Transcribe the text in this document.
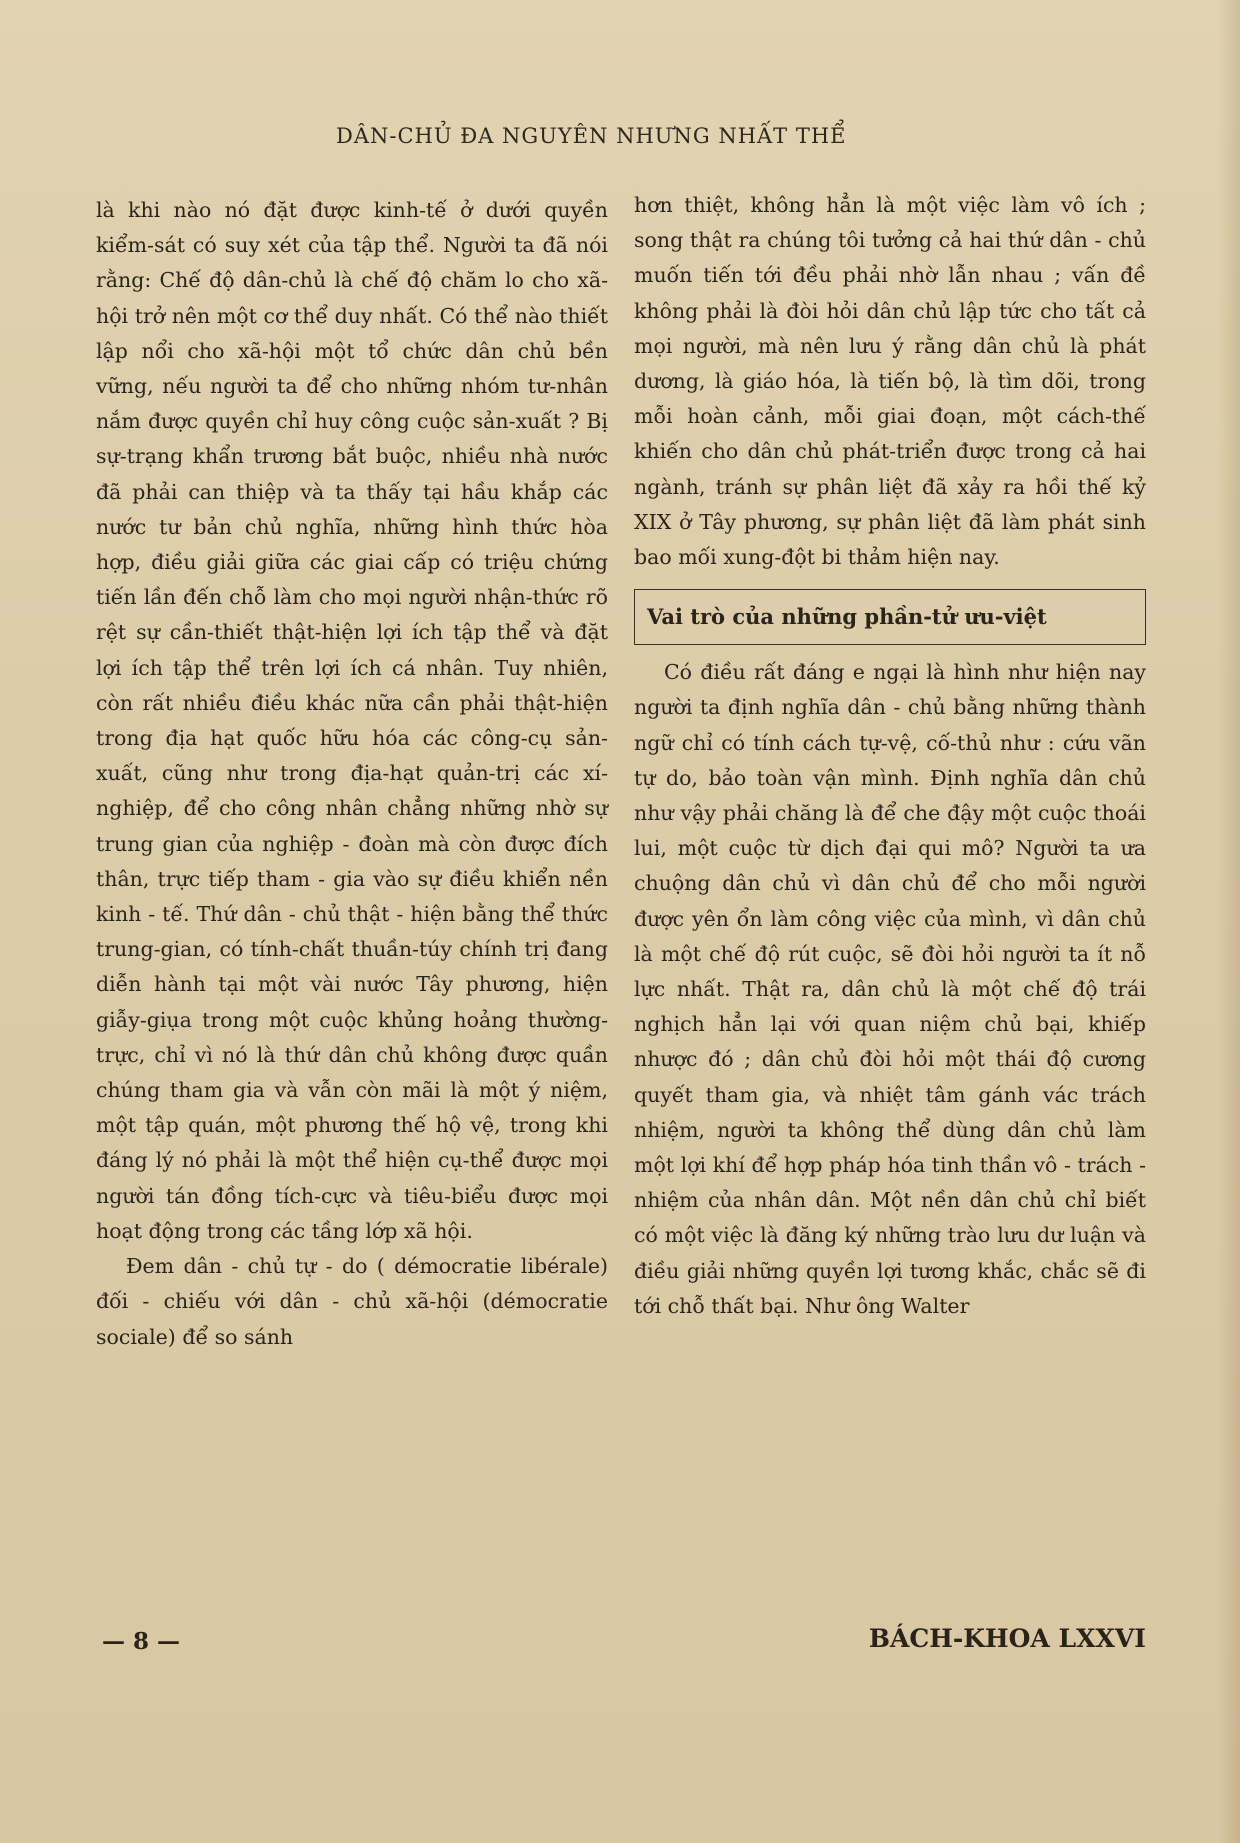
DÂN-CHỦ ĐA NGUYÊN NHƯNG NHẤT THỂ

là khi nào nó đặt được kinh-tế ở dưới quyền kiểm-sát có suy xét của tập thể. Người ta đã nói rằng: Chế độ dân-chủ là chế độ chăm lo cho xã-hội trở nên một cơ thể duy nhất. Có thể nào thiết lập nổi cho xã-hội một tổ chức dân chủ bền vững, nếu người ta để cho những nhóm tư-nhân nắm được quyền chỉ huy công cuộc sản-xuất ? Bị sự-trạng khẩn trương bắt buộc, nhiều nhà nước đã phải can thiệp và ta thấy tại hầu khắp các nước tư bản chủ nghĩa, những hình thức hòa hợp, điều giải giữa các giai cấp có triệu chứng tiến lần đến chỗ làm cho mọi người nhận-thức rõ rệt sự cần-thiết thật-hiện lợi ích tập thể và đặt lợi ích tập thể trên lợi ích cá nhân. Tuy nhiên, còn rất nhiều điều khác nữa cần phải thật-hiện trong địa hạt quốc hữu hóa các công-cụ sản-xuất, cũng như trong địa-hạt quản-trị các xí-nghiệp, để cho công nhân chẳng những nhờ sự trung gian của nghiệp - đoàn mà còn được đích thân, trực tiếp tham - gia vào sự điều khiển nền kinh - tế. Thứ dân - chủ thật - hiện bằng thể thức trung-gian, có tính-chất thuần-túy chính trị đang diễn hành tại một vài nước Tây phương, hiện giẫy-giụa trong một cuộc khủng hoảng thường-trực, chỉ vì nó là thứ dân chủ không được quần chúng tham gia và vẫn còn mãi là một ý niệm, một tập quán, một phương thế hộ vệ, trong khi đáng lý nó phải là một thể hiện cụ-thể được mọi người tán đồng tích-cực và tiêu-biểu được mọi hoạt động trong các tầng lớp xã hội.

Đem dân - chủ tự - do ( démocratie libérale) đối - chiếu với dân - chủ xã-hội (démocratie sociale) để so sánh

hơn thiệt, không hẳn là một việc làm vô ích ; song thật ra chúng tôi tưởng cả hai thứ dân - chủ muốn tiến tới đều phải nhờ lẫn nhau ; vấn đề không phải là đòi hỏi dân chủ lập tức cho tất cả mọi người, mà nên lưu ý rằng dân chủ là phát dương, là giáo hóa, là tiến bộ, là tìm dõi, trong mỗi hoàn cảnh, mỗi giai đoạn, một cách-thế khiến cho dân chủ phát-triển được trong cả hai ngành, tránh sự phân liệt đã xảy ra hồi thế kỷ XIX ở Tây phương, sự phân liệt đã làm phát sinh bao mối xung-đột bi thảm hiện nay.

Vai trò của những phần-tử ưu-việt

Có điều rất đáng e ngại là hình như hiện nay người ta định nghĩa dân - chủ bằng những thành ngữ chỉ có tính cách tự-vệ, cố-thủ như : cứu vãn tự do, bảo toàn vận mình. Định nghĩa dân chủ như vậy phải chăng là để che đậy một cuộc thoái lui, một cuộc từ dịch đại qui mô? Người ta ưa chuộng dân chủ vì dân chủ để cho mỗi người được yên ổn làm công việc của mình, vì dân chủ là một chế độ rút cuộc, sẽ đòi hỏi người ta ít nỗ lực nhất. Thật ra, dân chủ là một chế độ trái nghịch hẳn lại với quan niệm chủ bại, khiếp nhược đó ; dân chủ đòi hỏi một thái độ cương quyết tham gia, và nhiệt tâm gánh vác trách nhiệm, người ta không thể dùng dân chủ làm một lợi khí để hợp pháp hóa tinh thần vô - trách - nhiệm của nhân dân. Một nền dân chủ chỉ biết có một việc là đăng ký những trào lưu dư luận và điều giải những quyền lợi tương khắc, chắc sẽ đi tới chỗ thất bại. Như ông Walter

— 8 —	BÁCH-KHOA LXXVI
